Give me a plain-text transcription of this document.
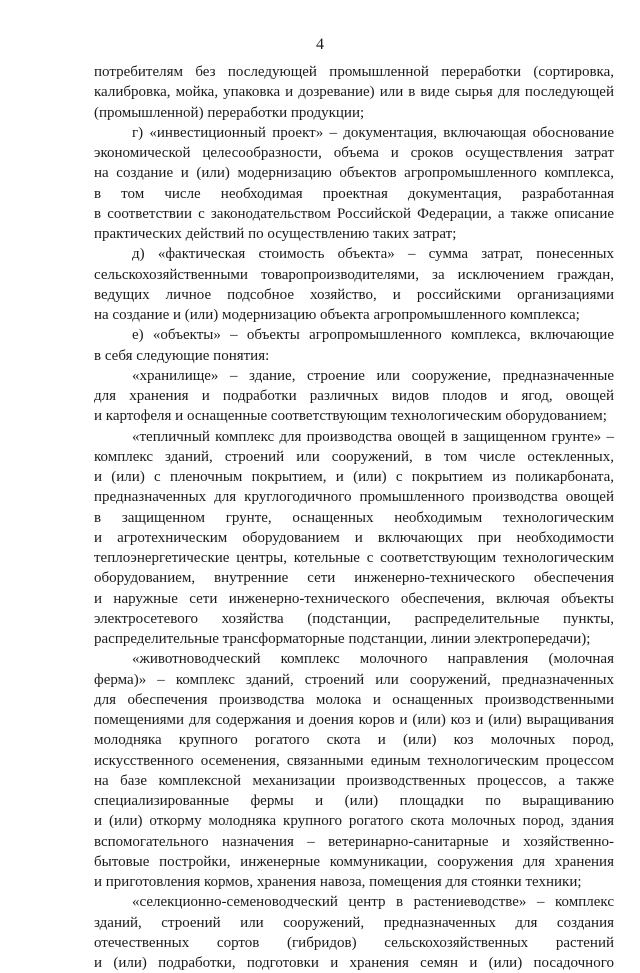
4
потребителям без последующей промышленной переработки (сортировка,
калибровка, мойка, упаковка и дозревание) или в виде сырья для последующей
(промышленной) переработки продукции;
г) «инвестиционный проект» – документация, включающая обоснование
экономической целесообразности, объема и сроков осуществления затрат
на создание и (или) модернизацию объектов агропромышленного комплекса,
в том числе необходимая проектная документация, разработанная
в соответствии с законодательством Российской Федерации, а также описание
практических действий по осуществлению таких затрат;
д) «фактическая стоимость объекта» – сумма затрат, понесенных
сельскохозяйственными товаропроизводителями, за исключением граждан,
ведущих личное подсобное хозяйство, и российскими организациями
на создание и (или) модернизацию объекта агропромышленного комплекса;
е) «объекты» – объекты агропромышленного комплекса, включающие
в себя следующие понятия:
«хранилище» – здание, строение или сооружение, предназначенные
для хранения и подработки различных видов плодов и ягод, овощей
и картофеля и оснащенные соответствующим технологическим оборудованием;
«тепличный комплекс для производства овощей в защищенном грунте» –
комплекс зданий, строений или сооружений, в том числе остекленных,
и (или) с пленочным покрытием, и (или) с покрытием из поликарбоната,
предназначенных для круглогодичного промышленного производства овощей
в защищенном грунте, оснащенных необходимым технологическим
и агротехническим оборудованием и включающих при необходимости
теплоэнергетические центры, котельные с соответствующим технологическим
оборудованием, внутренние сети инженерно-технического обеспечения
и наружные сети инженерно-технического обеспечения, включая объекты
электросетевого хозяйства (подстанции, распределительные пункты,
распределительные трансформаторные подстанции, линии электропередачи);
«животноводческий комплекс молочного направления (молочная
ферма)» – комплекс зданий, строений или сооружений, предназначенных
для обеспечения производства молока и оснащенных производственными
помещениями для содержания и доения коров и (или) коз и (или) выращивания
молодняка крупного рогатого скота и (или) коз молочных пород,
искусственного осеменения, связанными единым технологическим процессом
на базе комплексной механизации производственных процессов, а также
специализированные фермы и (или) площадки по выращиванию
и (или) откорму молодняка крупного рогатого скота молочных пород, здания
вспомогательного назначения – ветеринарно-санитарные и хозяйственно-
бытовые постройки, инженерные коммуникации, сооружения для хранения
и приготовления кормов, хранения навоза, помещения для стоянки техники;
«селекционно-семеноводческий центр в растениеводстве» – комплекс
зданий, строений или сооружений, предназначенных для создания
отечественных сортов (гибридов) сельскохозяйственных растений
и (или) подработки, подготовки и хранения семян и (или) посадочного
